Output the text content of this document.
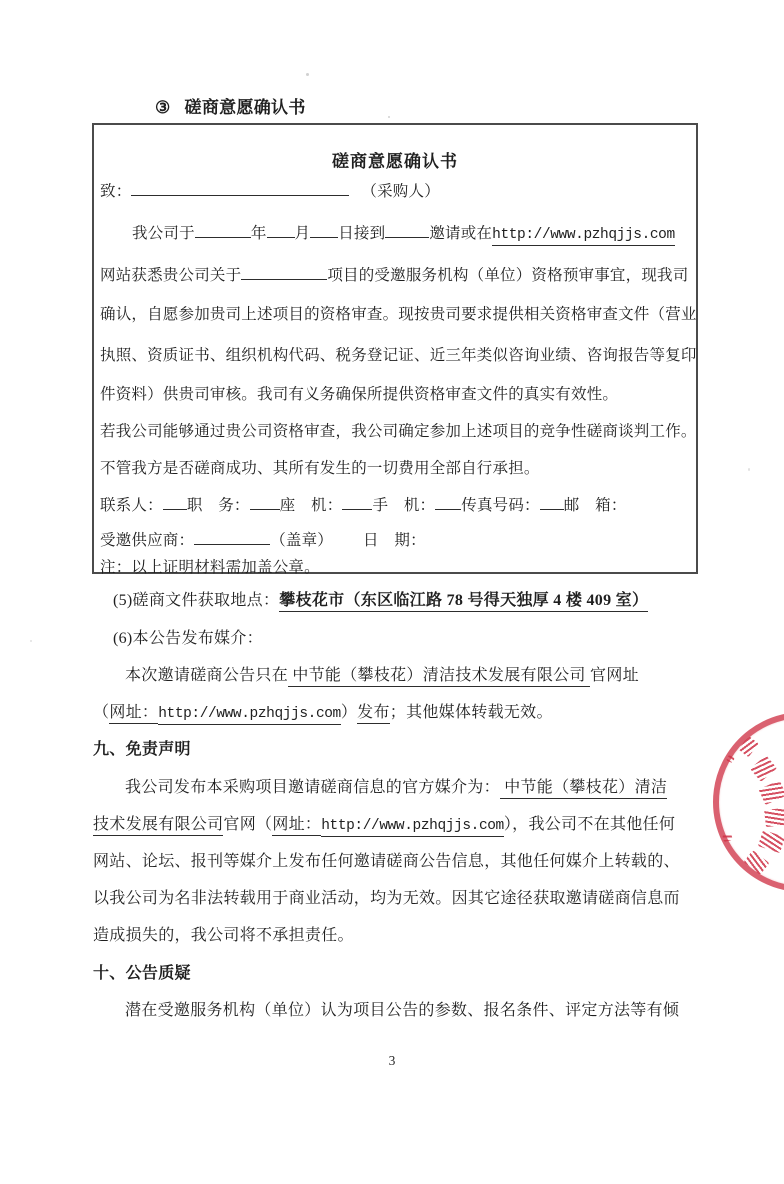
③ 磋商意愿确认书
磋商意愿确认书
致：	（采购人）
我公司于	年 月 日接到	邀请或在http://www.pzhqjjs.com
网站获悉贵公司关于	项目的受邀服务机构（单位）资格预审事宜，现我司
确认，自愿参加贵司上述项目的资格审查。现按贵司要求提供相关资格审查文件（营业
执照、资质证书、组织机构代码、税务登记证、近三年类似咨询业绩、咨询报告等复印
件资料）供贵司审核。我司有义务确保所提供资格审查文件的真实有效性。
若我公司能够通过贵公司资格审查，我公司确定参加上述项目的竞争性磋商谈判工作。
不管我方是否磋商成功、其所有发生的一切费用全部自行承担。
联系人： 职　务： 座　机： 手　机： 传真号码： 邮　箱：
受邀供应商：	（盖章） 日　期：
注：以上证明材料需加盖公章。
(5)磋商文件获取地点：攀枝花市（东区临江路 78 号得天独厚 4 楼 409 室）
(6)本公告发布媒介：
本次邀请磋商公告只在 中节能（攀枝花）清洁技术发展有限公司 官网址
（网址：http://www.pzhqjjs.com）发布；其他媒体转载无效。
九、免责声明
我公司发布本采购项目邀请磋商信息的官方媒介为： 中节能（攀枝花）清洁
技术发展有限公司官网（网址：http://www.pzhqjjs.com），我公司不在其他任何
网站、论坛、报刊等媒介上发布任何邀请磋商公告信息，其他任何媒介上转载的、
以我公司为名非法转载用于商业活动，均为无效。因其它途径获取邀请磋商信息而
造成损失的，我公司将不承担责任。
十、公告质疑
潜在受邀服务机构（单位）认为项目公告的参数、报名条件、评定方法等有倾
3
